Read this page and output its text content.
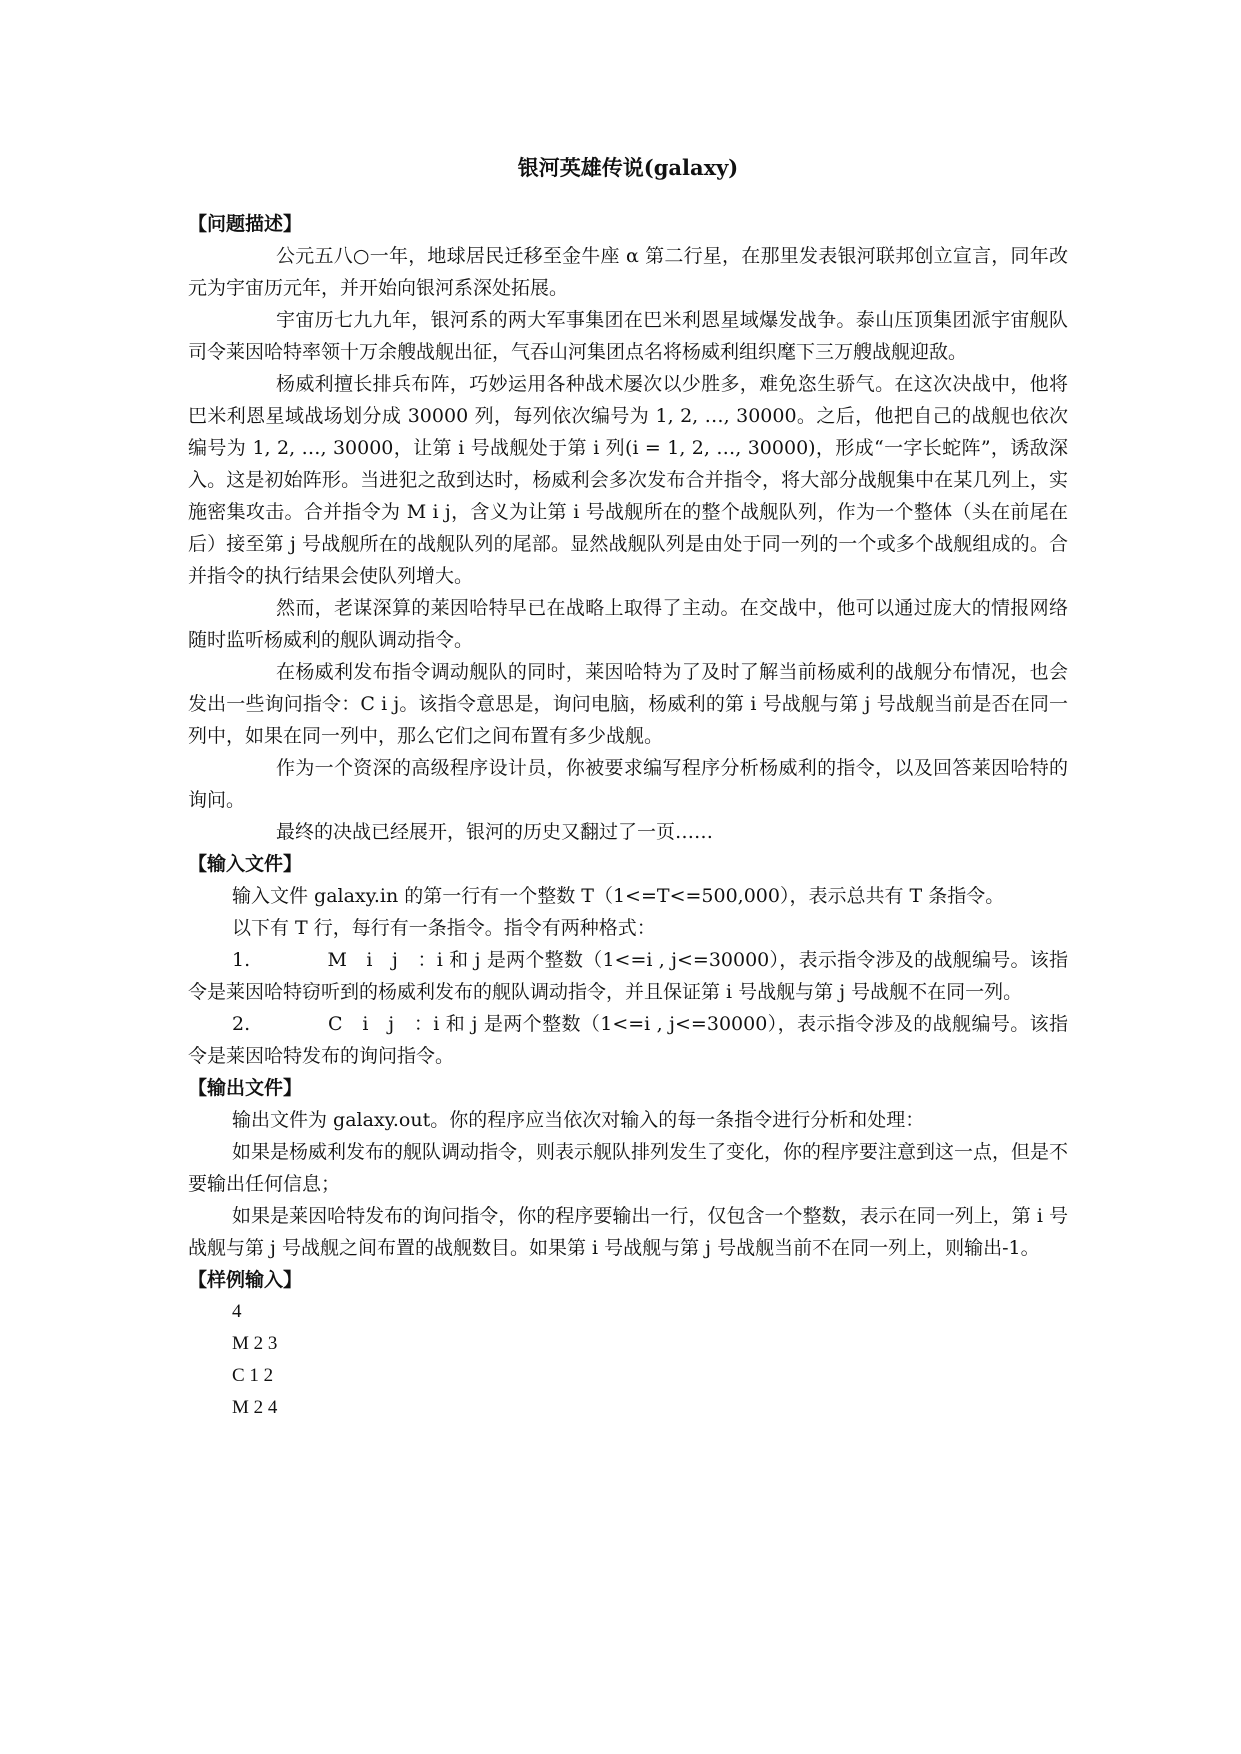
银河英雄传说(galaxy)
【问题描述】

公元五八○一年，地球居民迁移至金牛座 α 第二行星，在那里发表银河联邦创立宣言，同年改元为宇宙历元年，并开始向银河系深处拓展。

宇宙历七九九年，银河系的两大军事集团在巴米利恩星域爆发战争。泰山压顶集团派宇宙舰队司令莱因哈特率领十万余艘战舰出征，气吞山河集团点名将杨威利组织麾下三万艘战舰迎敌。

杨威利擅长排兵布阵，巧妙运用各种战术屡次以少胜多，难免恣生骄气。在这次决战中，他将巴米利恩星域战场划分成 30000 列，每列依次编号为 1, 2, …, 30000。之后，他把自己的战舰也依次编号为 1, 2, …, 30000，让第 i 号战舰处于第 i 列(i = 1, 2, …, 30000)，形成“一字长蛇阵”，诱敌深入。这是初始阵形。当进犯之敌到达时，杨威利会多次发布合并指令，将大部分战舰集中在某几列上，实施密集攻击。合并指令为 M i j，含义为让第 i 号战舰所在的整个战舰队列，作为一个整体（头在前尾在后）接至第 j 号战舰所在的战舰队列的尾部。显然战舰队列是由处于同一列的一个或多个战舰组成的。合并指令的执行结果会使队列增大。

然而，老谋深算的莱因哈特早已在战略上取得了主动。在交战中，他可以通过庞大的情报网络随时监听杨威利的舰队调动指令。

在杨威利发布指令调动舰队的同时，莱因哈特为了及时了解当前杨威利的战舰分布情况，也会发出一些询问指令：C i j。该指令意思是，询问电脑，杨威利的第 i 号战舰与第 j 号战舰当前是否在同一列中，如果在同一列中，那么它们之间布置有多少战舰。

作为一个资深的高级程序设计员，你被要求编写程序分析杨威利的指令，以及回答莱因哈特的询问。

最终的决战已经展开，银河的历史又翻过了一页……

【输入文件】

输入文件 galaxy.in 的第一行有一个整数 T（1<=T<=500,000），表示总共有 T 条指令。

以下有 T 行，每行有一条指令。指令有两种格式：

1.　　　　M　i　j　：i 和 j 是两个整数（1<=i , j<=30000），表示指令涉及的战舰编号。该指令是莱因哈特窃听到的杨威利发布的舰队调动指令，并且保证第 i 号战舰与第 j 号战舰不在同一列。

2.　　　　C　i　j　：i 和 j 是两个整数（1<=i , j<=30000），表示指令涉及的战舰编号。该指令是莱因哈特发布的询问指令。

【输出文件】

输出文件为 galaxy.out。你的程序应当依次对输入的每一条指令进行分析和处理：

如果是杨威利发布的舰队调动指令，则表示舰队排列发生了变化，你的程序要注意到这一点，但是不要输出任何信息；

如果是莱因哈特发布的询问指令，你的程序要输出一行，仅包含一个整数，表示在同一列上，第 i 号战舰与第 j 号战舰之间布置的战舰数目。如果第 i 号战舰与第 j 号战舰当前不在同一列上，则输出-1。

【样例输入】
4
M 2 3
C 1 2
M 2 4
